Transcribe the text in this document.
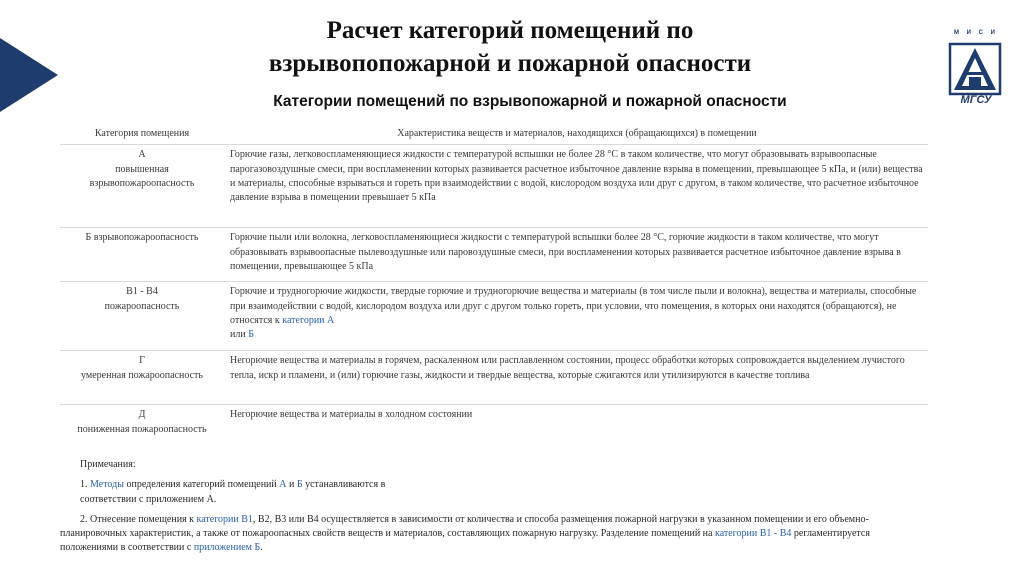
М И С И
МГСУ
Расчет категорий помещений по
взрывопопожарной и пожарной опасности
Категории помещений по взрывопожарной и пожарной опасности
Категория помещения	Характеристика веществ и материалов, находящихся (обращающихся) в помещении
А
повышенная
взрывопожароопасность
Горючие газы, легковоспламеняющиеся жидкости с температурой вспышки не более 28 °С в таком количестве, что могут образовывать взрывоопасные парогазовоздушные смеси, при воспламенении которых развивается расчетное избыточное давление взрыва в помещении, превышающее 5 кПа, и (или) вещества и материалы, способные взрываться и гореть при взаимодействии с водой, кислородом воздуха или друг с другом, в таком количестве, что расчетное избыточное давление взрыва в помещении превышает 5 кПа
Б взрывопожароопасность	Горючие пыли или волокна, легковоспламеняющиеся жидкости с температурой вспышки более 28 °С, горючие жидкости в таком количестве, что могут образовывать взрывоопасные пылевоздушные или паровоздушные смеси, при воспламенении которых развивается расчетное избыточное давление взрыва в помещении, превышающее 5 кПа
В1 - В4
пожароопасность
Горючие и трудногорючие жидкости, твердые горючие и трудногорючие вещества и материалы (в том числе пыли и волокна), вещества и материалы, способные при взаимодействии с водой, кислородом воздуха или друг с другом только гореть, при условии, что помещения, в которых они находятся (обращаются), не относятся к категории А
или Б
Г
умеренная пожароопасность
Негорючие вещества и материалы в горячем, раскаленном или расплавленном состоянии, процесс обработки которых сопровождается выделением лучистого тепла, искр и пламени, и (или) горючие газы, жидкости и твердые вещества, которые сжигаются или утилизируются в качестве топлива
Д
пониженная пожароопасность
Негорючие вещества и материалы в холодном состоянии
Примечания:
1. Методы определения категорий помещений А и Б устанавливаются в
соответствии с приложением А.
2. Отнесение помещения к категории В1, В2, В3 или В4 осуществляется в зависимости от количества и способа размещения пожарной нагрузки в указанном помещении и его объемно-планировочных характеристик, а также от пожароопасных свойств веществ и материалов, составляющих пожарную нагрузку. Разделение помещений на категории В1 - В4 регламентируется положениями в соответствии с приложением Б.
